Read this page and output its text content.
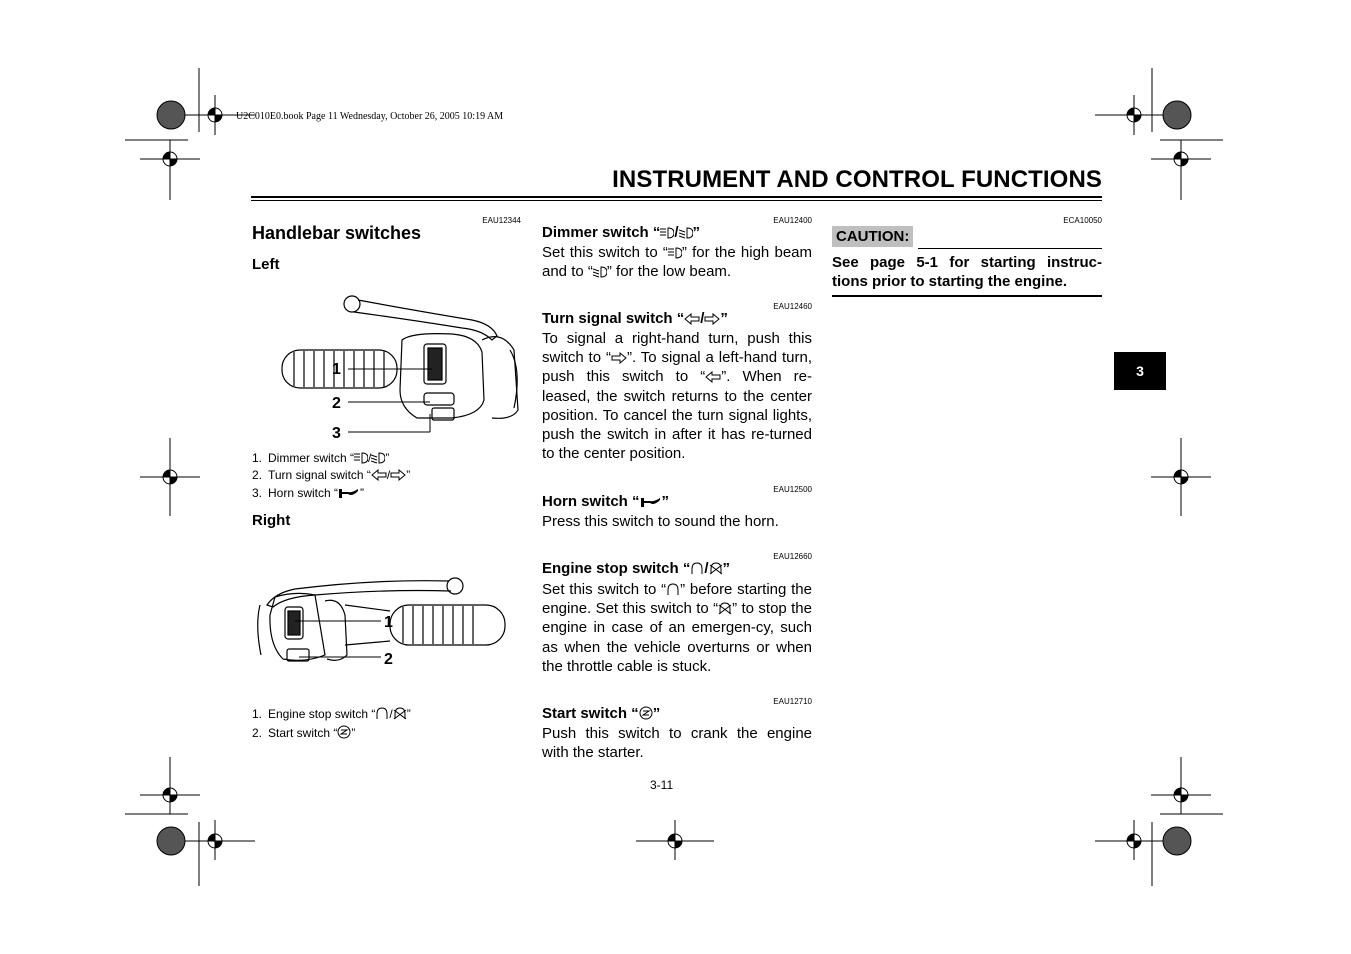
U2C010E0.book Page 11 Wednesday, October 26, 2005 10:19 AM
INSTRUMENT AND CONTROL FUNCTIONS
3
EAU12344
Handlebar switches
Left
1
2
3
1. Dimmer switch “ / ”
2. Turn signal switch “ / ”
3. Horn switch “ ”
Right
1
2
1. Engine stop switch “ / ”
2. Start switch “ ”
EAU12400
Dimmer switch “ / ”
Set this switch to “ ” for the high beam and to “ ” for the low beam.
EAU12460
Turn signal switch “ / ”
To signal a right-hand turn, push this switch to “ ”. To signal a left-hand turn, push this switch to “ ”. When re-leased, the switch returns to the center position. To cancel the turn signal lights, push the switch in after it has re-turned to the center position.
EAU12500
Horn switch “ ”
Press this switch to sound the horn.
EAU12660
Engine stop switch “ / ”
Set this switch to “ ” before starting the engine. Set this switch to “ ” to stop the engine in case of an emergen-cy, such as when the vehicle overturns or when the throttle cable is stuck.
EAU12710
Start switch “ ”
Push this switch to crank the engine with the starter.
ECA10050
CAUTION:
See page 5-1 for starting instruc-tions prior to starting the engine.
3-11
